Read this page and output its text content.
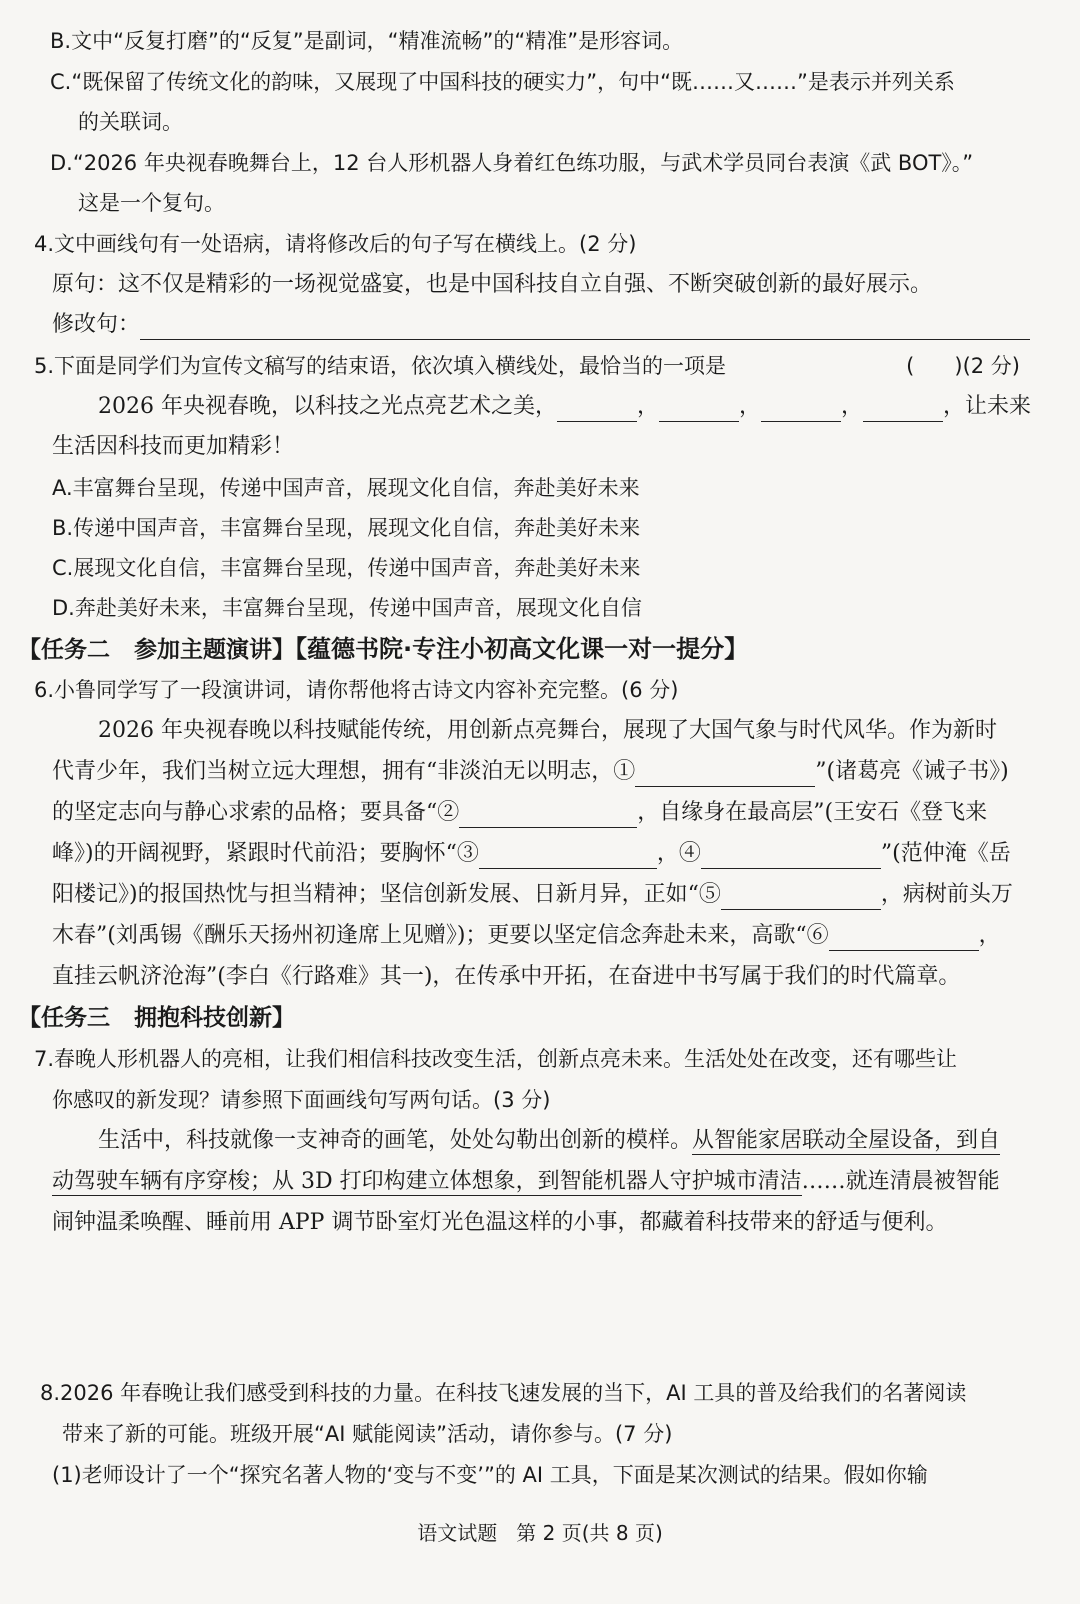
B.文中“反复打磨”的“反复”是副词，“精准流畅”的“精准”是形容词。
C.“既保留了传统文化的韵味，又展现了中国科技的硬实力”，句中“既……又……”是表示并列关系
的关联词。
D.“2026 年央视春晚舞台上，12 台人形机器人身着红色练功服，与武术学员同台表演《武 BOT》。”
这是一个复句。
4.文中画线句有一处语病，请将修改后的句子写在横线上。(2 分)
原句：这不仅是精彩的一场视觉盛宴，也是中国科技自立自强、不断突破创新的最好展示。
修改句：
5.下面是同学们为宣传文稿写的结束语，依次填入横线处，最恰当的一项是	(      )(2 分)
2026 年央视春晚，以科技之光点亮艺术之美，	，	，	，	，让未来
生活因科技而更加精彩！
A.丰富舞台呈现，传递中国声音，展现文化自信，奔赴美好未来
B.传递中国声音，丰富舞台呈现，展现文化自信，奔赴美好未来
C.展现文化自信，丰富舞台呈现，传递中国声音，奔赴美好未来
D.奔赴美好未来，丰富舞台呈现，传递中国声音，展现文化自信
【任务二   参加主题演讲】【蕴德书院·专注小初高文化课一对一提分】
6.小鲁同学写了一段演讲词，请你帮他将古诗文内容补充完整。(6 分)
2026 年央视春晚以科技赋能传统，用创新点亮舞台，展现了大国气象与时代风华。作为新时
代青少年，我们当树立远大理想，拥有“非淡泊无以明志，①	”(诸葛亮《诫子书》)
的坚定志向与静心求索的品格；要具备“②	，自缘身在最高层”(王安石《登飞来
峰》)的开阔视野，紧跟时代前沿；要胸怀“③	，④	”(范仲淹《岳
阳楼记》)的报国热忱与担当精神；坚信创新发展、日新月异，正如“⑤	，病树前头万
木春”(刘禹锡《酬乐天扬州初逢席上见赠》)；更要以坚定信念奔赴未来，高歌“⑥	，
直挂云帆济沧海”(李白《行路难》其一)，在传承中开拓，在奋进中书写属于我们的时代篇章。
【任务三   拥抱科技创新】
7.春晚人形机器人的亮相，让我们相信科技改变生活，创新点亮未来。生活处处在改变，还有哪些让
你感叹的新发现？请参照下面画线句写两句话。(3 分)
生活中，科技就像一支神奇的画笔，处处勾勒出创新的模样。从智能家居联动全屋设备，到自
动驾驶车辆有序穿梭；从 3D 打印构建立体想象，到智能机器人守护城市清洁……就连清晨被智能
闹钟温柔唤醒、睡前用 APP 调节卧室灯光色温这样的小事，都藏着科技带来的舒适与便利。
8.2026 年春晚让我们感受到科技的力量。在科技飞速发展的当下，AI 工具的普及给我们的名著阅读
带来了新的可能。班级开展“AI 赋能阅读”活动，请你参与。(7 分)
(1)老师设计了一个“探究名著人物的‘变与不变’”的 AI 工具，下面是某次测试的结果。假如你输
语文试题   第 2 页(共 8 页)
